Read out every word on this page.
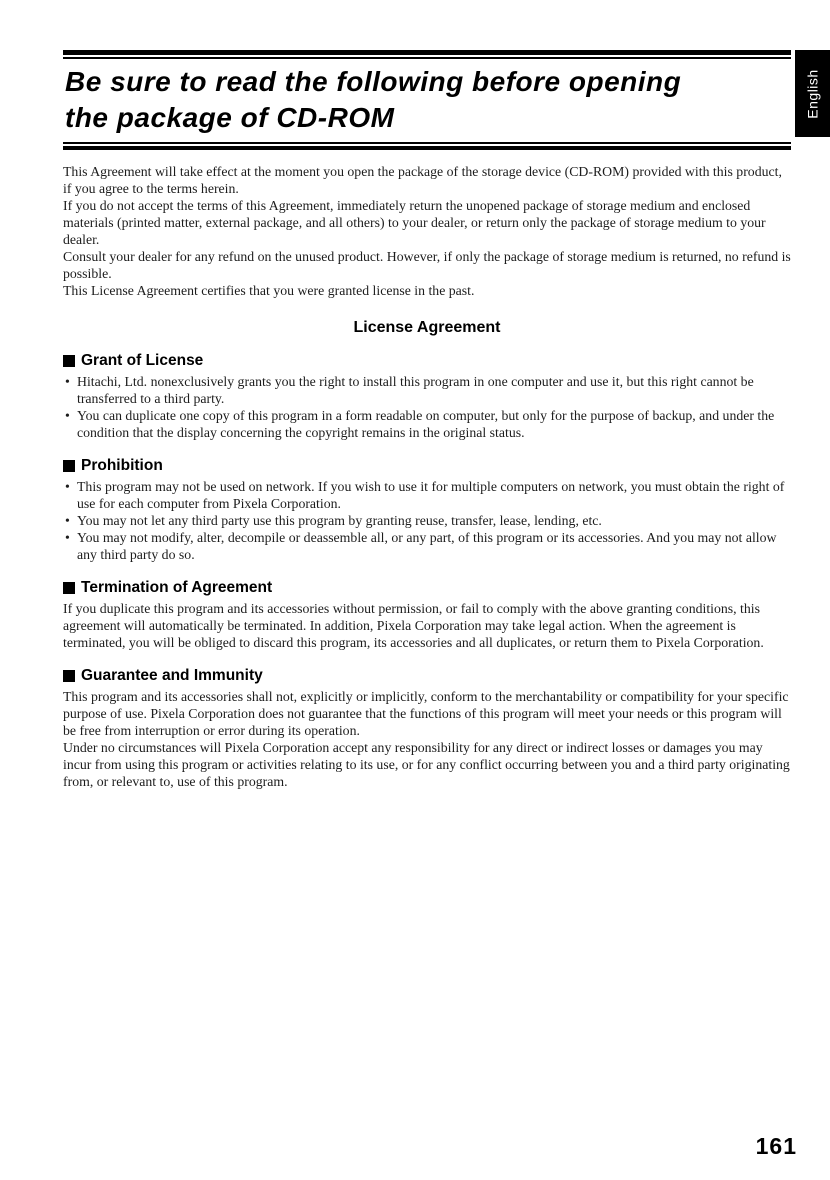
English
Be sure to read the following before opening
the package of CD-ROM

This Agreement will take effect at the moment you open the package of the storage device (CD-ROM) provided with this product, if you agree to the terms herein.

If you do not accept the terms of this Agreement, immediately return the unopened package of storage medium and enclosed materials (printed matter, external package, and all others) to your dealer, or return only the package of storage medium to your dealer.

Consult your dealer for any refund on the unused product. However, if only the package of storage medium is returned, no refund is possible.

This License Agreement certifies that you were granted license in the past.

License Agreement
Grant of License
• Hitachi, Ltd. nonexclusively grants you the right to install this program in one computer and use it, but this right cannot be transferred to a third party.
• You can duplicate one copy of this program in a form readable on computer, but only for the purpose of backup, and under the condition that the display concerning the copyright remains in the original status.
Prohibition
• This program may not be used on network. If you wish to use it for multiple computers on network, you must obtain the right of use for each computer from Pixela Corporation.
• You may not let any third party use this program by granting reuse, transfer, lease, lending, etc.
• You may not modify, alter, decompile or deassemble all, or any part, of this program or its accessories. And you may not allow any third party do so.
Termination of Agreement

If you duplicate this program and its accessories without permission, or fail to comply with the above granting conditions, this agreement will automatically be terminated. In addition, Pixela Corporation may take legal action. When the agreement is terminated, you will be obliged to discard this program, its accessories and all duplicates, or return them to Pixela Corporation.

Guarantee and Immunity

This program and its accessories shall not, explicitly or implicitly, conform to the merchantability or compatibility for your specific purpose of use. Pixela Corporation does not guarantee that the functions of this program will meet your needs or this program will be free from interruption or error during its operation.

Under no circumstances will Pixela Corporation accept any responsibility for any direct or indirect losses or damages you may incur from using this program or activities relating to its use, or for any conflict occurring between you and a third party originating from, or relevant to, use of this program.

161
